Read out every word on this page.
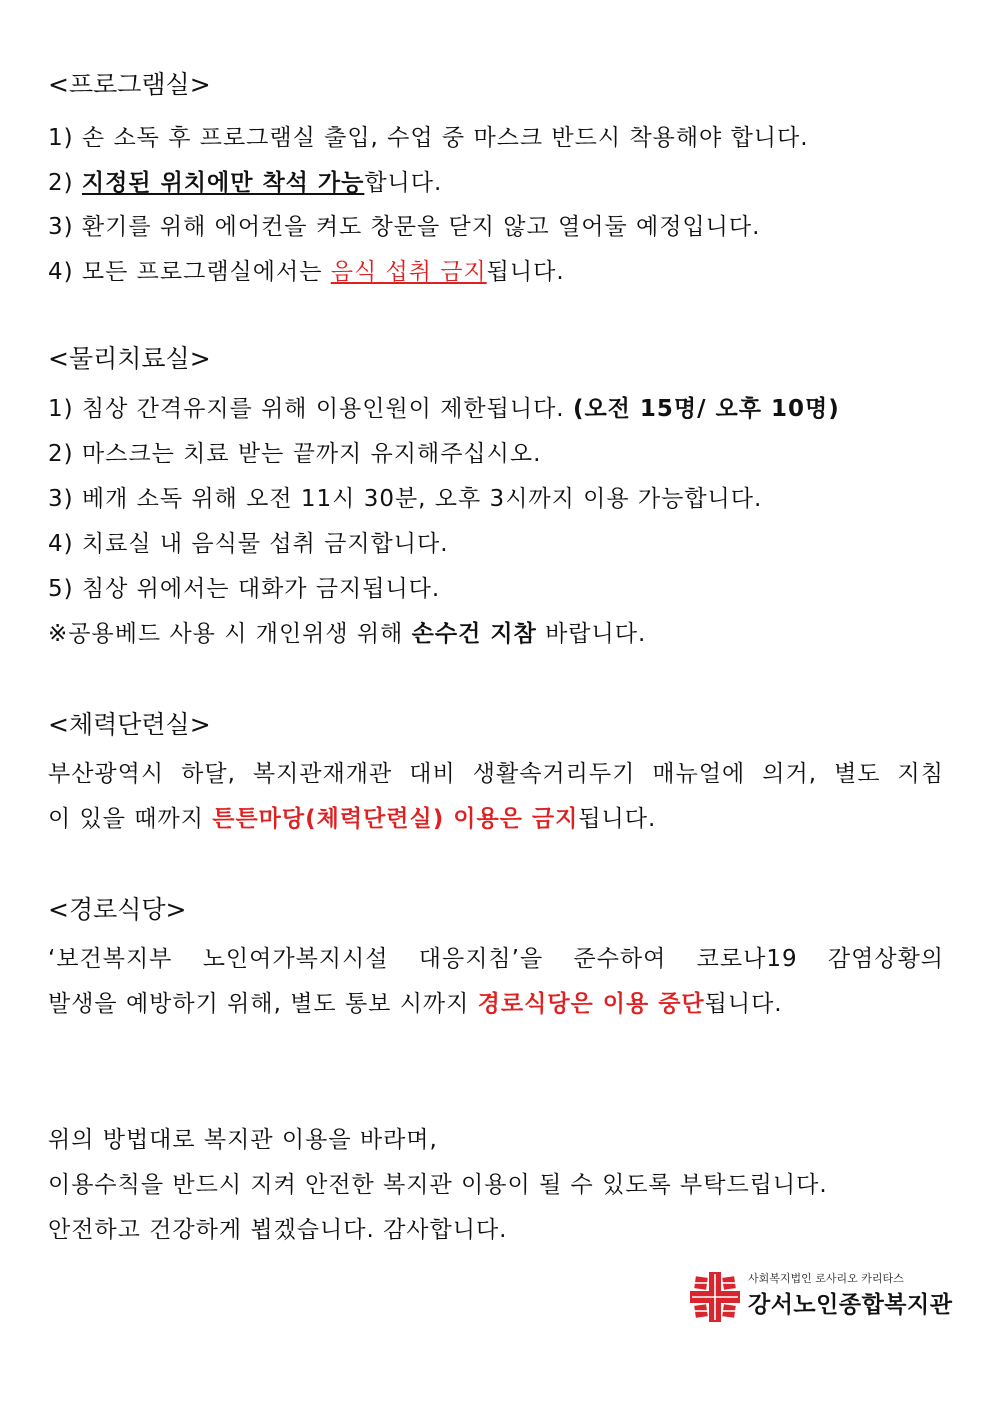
<프로그램실>
1) 손 소독 후 프로그램실 출입, 수업 중 마스크 반드시 착용해야 합니다.
2) 지정된 위치에만 착석 가능합니다.
3) 환기를 위해 에어컨을 켜도 창문을 닫지 않고 열어둘 예정입니다.
4) 모든 프로그램실에서는 음식 섭취 금지됩니다.
<물리치료실>
1) 침상 간격유지를 위해 이용인원이 제한됩니다. (오전 15명/ 오후 10명)
2) 마스크는 치료 받는 끝까지 유지해주십시오.
3) 베개 소독 위해 오전 11시 30분, 오후 3시까지 이용 가능합니다.
4) 치료실 내 음식물 섭취 금지합니다.
5) 침상 위에서는 대화가 금지됩니다.
※공용베드 사용 시 개인위생 위해 손수건 지참 바랍니다.
<체력단련실>
부산광역시 하달, 복지관재개관 대비 생활속거리두기 매뉴얼에 의거, 별도 지침
이 있을 때까지 튼튼마당(체력단련실) 이용은 금지됩니다.
<경로식당>
‘보건복지부 노인여가복지시설 대응지침’을 준수하여 코로나19 감염상황의
발생을 예방하기 위해, 별도 통보 시까지 경로식당은 이용 중단됩니다.
위의 방법대로 복지관 이용을 바라며,
이용수칙을 반드시 지켜 안전한 복지관 이용이 될 수 있도록 부탁드립니다.
안전하고 건강하게 뵙겠습니다. 감사합니다.
사회복지법인 로사리오 카리타스
강서노인종합복지관
